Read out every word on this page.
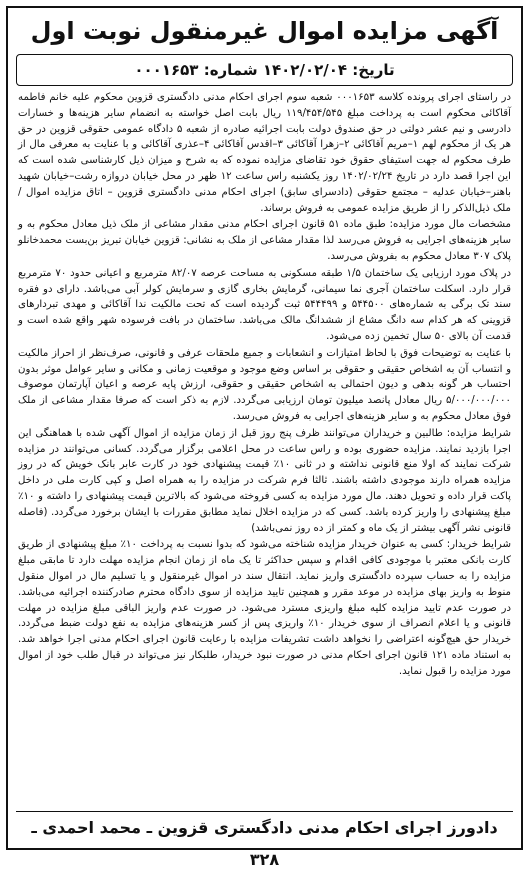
آگهی مزایده اموال غیرمنقول نوبت اول
تاریخ: ۱۴۰۲/۰۲/۰۴ شماره: ۰۰۰۱۶۵۳

در راستای اجرای پرونده کلاسه ۰۰۰۱۶۵۳ شعبه سوم اجرای احکام مدنی دادگستری قزوین محکوم علیه خانم فاطمه آقاکائی محکوم است به پرداخت مبلغ ۱۱۹/۴۵۴/۵۴۵ ریال بابت اصل خواسته به انضمام سایر هزینه‌ها و خسارات دادرسی و نیم عشر دولتی در حق صندوق دولت بابت اجرائیه صادره از شعبه ۵ دادگاه عمومی حقوقی قزوین در حق هر یک از محکوم لهم ۱–مریم آقاکائی ۲–زهرا آقاکائی ۳–اقدس آقاکائی ۴–عذری آقاکائی و با عنایت به معرفی مال از طرف محکوم له جهت استیفای حقوق خود تقاضای مزایده نموده که به شرح و میزان ذیل کارشناسی شده است که این اجرا قصد دارد در تاریخ ۱۴۰۲/۰۲/۲۴ روز یکشنبه راس ساعت ۱۲ ظهر در محل خیابان دروازه رشت–خیابان شهید باهنر–خیابان عدلیه – مجتمع حقوقی (دادسرای سابق) اجرای احکام مدنی دادگستری قزوین – اتاق مزایده اموال / ملک ذیل‌الذکر را از طریق مزایده عمومی به فروش برساند.

مشخصات مال مورد مزایده: طبق ماده ۵۱ قانون اجرای احکام مدنی مقدار مشاعی از ملک ذیل معادل محکوم به و سایر هزینه‌های اجرایی به فروش می‌رسد لذا مقدار مشاعی از ملک به نشانی: قزوین خیابان تبریز بن‌بست محمدخانلو پلاک ۳۰۷ معادل محکوم به بفروش می‌رسد.

در پلاک مورد ارزیابی یک ساختمان ۱/۵ طبقه مسکونی به مساحت عرصه ۸۲/۰۷ مترمربع و اعیانی حدود ۷۰ مترمربع قرار دارد. اسکلت ساختمان آجری نما سیمانی، گرمایش بخاری گازی و سرمایش کولر آبی می‌باشد. دارای دو فقره سند تک برگی به شماره‌های ۵۴۴۵۰۰ و ۵۴۴۴۹۹ ثبت گردیده است که تحت مالکیت ندا آقاکائی و مهدی تبردارهای قزوینی که هر کدام سه دانگ مشاع از ششدانگ مالک می‌باشد. ساختمان در بافت فرسوده شهر واقع شده است و قدمت آن بالای ۵۰ سال تخمین زده می‌شود.

با عنایت به توضیحات فوق با لحاظ امتیازات و انشعابات و جمیع ملحقات عرفی و قانونی، صرف‌نظر از احراز مالکیت و انتساب آن به اشخاص حقیقی و حقوقی بر اساس وضع موجود و موقعیت زمانی و مکانی و سایر عوامل موثر بدون احتساب هر گونه بدهی و دیون احتمالی به اشخاص حقیقی و حقوقی، ارزش پایه عرصه و اعیان آپارتمان موصوف ۵/۰۰۰/۰۰۰/۰۰۰ ریال معادل پانصد میلیون تومان ارزیابی می‌گردد. لازم به ذکر است که صرفا مقدار مشاعی از ملک فوق معادل محکوم به و سایر هزینه‌های اجرایی به فروش می‌رسد.

شرایط مزایده: طالبین و خریداران می‌توانند ظرف پنج روز قبل از زمان مزایده از اموال آگهی شده با هماهنگی این اجرا بازدید نمایند. مزایده حضوری بوده و راس ساعت در محل اعلامی برگزار می‌گردد. کسانی می‌توانند در مزایده شرکت نمایند که اولا منع قانونی نداشته و در ثانی ۱۰٪ قیمت پیشنهادی خود در کارت عابر بانک خویش که در روز مزایده همراه دارند موجودی داشته باشند. ثالثا فرم شرکت در مزایده را به همراه اصل و کپی کارت ملی در داخل پاکت قرار داده و تحویل دهند. مال مورد مزایده به کسی فروخته می‌شود که بالاترین قیمت پیشنهادی را داشته و ۱۰٪ مبلغ پیشنهادی را واریز کرده باشد. کسی که در مزایده اخلال نماید مطابق مقررات با ایشان برخورد می‌گردد. (فاصله قانونی نشر آگهی بیشتر از یک ماه و کمتر از ده روز نمی‌باشد)

شرایط خریدار: کسی به عنوان خریدار مزایده شناخته می‌شود که بدوا نسبت به پرداخت ۱۰٪ مبلغ پیشنهادی از طریق کارت بانکی معتبر با موجودی کافی اقدام و سپس حداکثر تا یک ماه از زمان انجام مزایده مهلت دارد تا مابقی مبلغ مزایده را به حساب سپرده دادگستری واریز نماید. انتقال سند در اموال غیرمنقول و یا تسلیم مال در اموال منقول منوط به واریز بهای مزایده در موعد مقرر و همچنین تایید مزایده از سوی دادگاه محترم صادرکننده اجرائیه می‌باشد. در صورت عدم تایید مزایده کلیه مبلغ واریزی مسترد می‌شود. در صورت عدم واریز الباقی مبلغ مزایده در مهلت قانونی و یا اعلام انصراف از سوی خریدار ۱۰٪ واریزی پس از کسر هزینه‌های مزایده به نفع دولت ضبط می‌گردد. خریدار حق هیچ‌گونه اعتراضی را نخواهد داشت تشریفات مزایده با رعایت قانون اجرای احکام مدنی اجرا خواهد شد. به استناد ماده ۱۲۱ قانون اجرای احکام مدنی در صورت نبود خریدار، طلبکار نیز می‌تواند در قبال طلب خود از اموال مورد مزایده را قبول نماید.

دادورز اجرای احکام مدنی دادگستری قزوین ـ محمد احمدی ـ ۳۲۸
